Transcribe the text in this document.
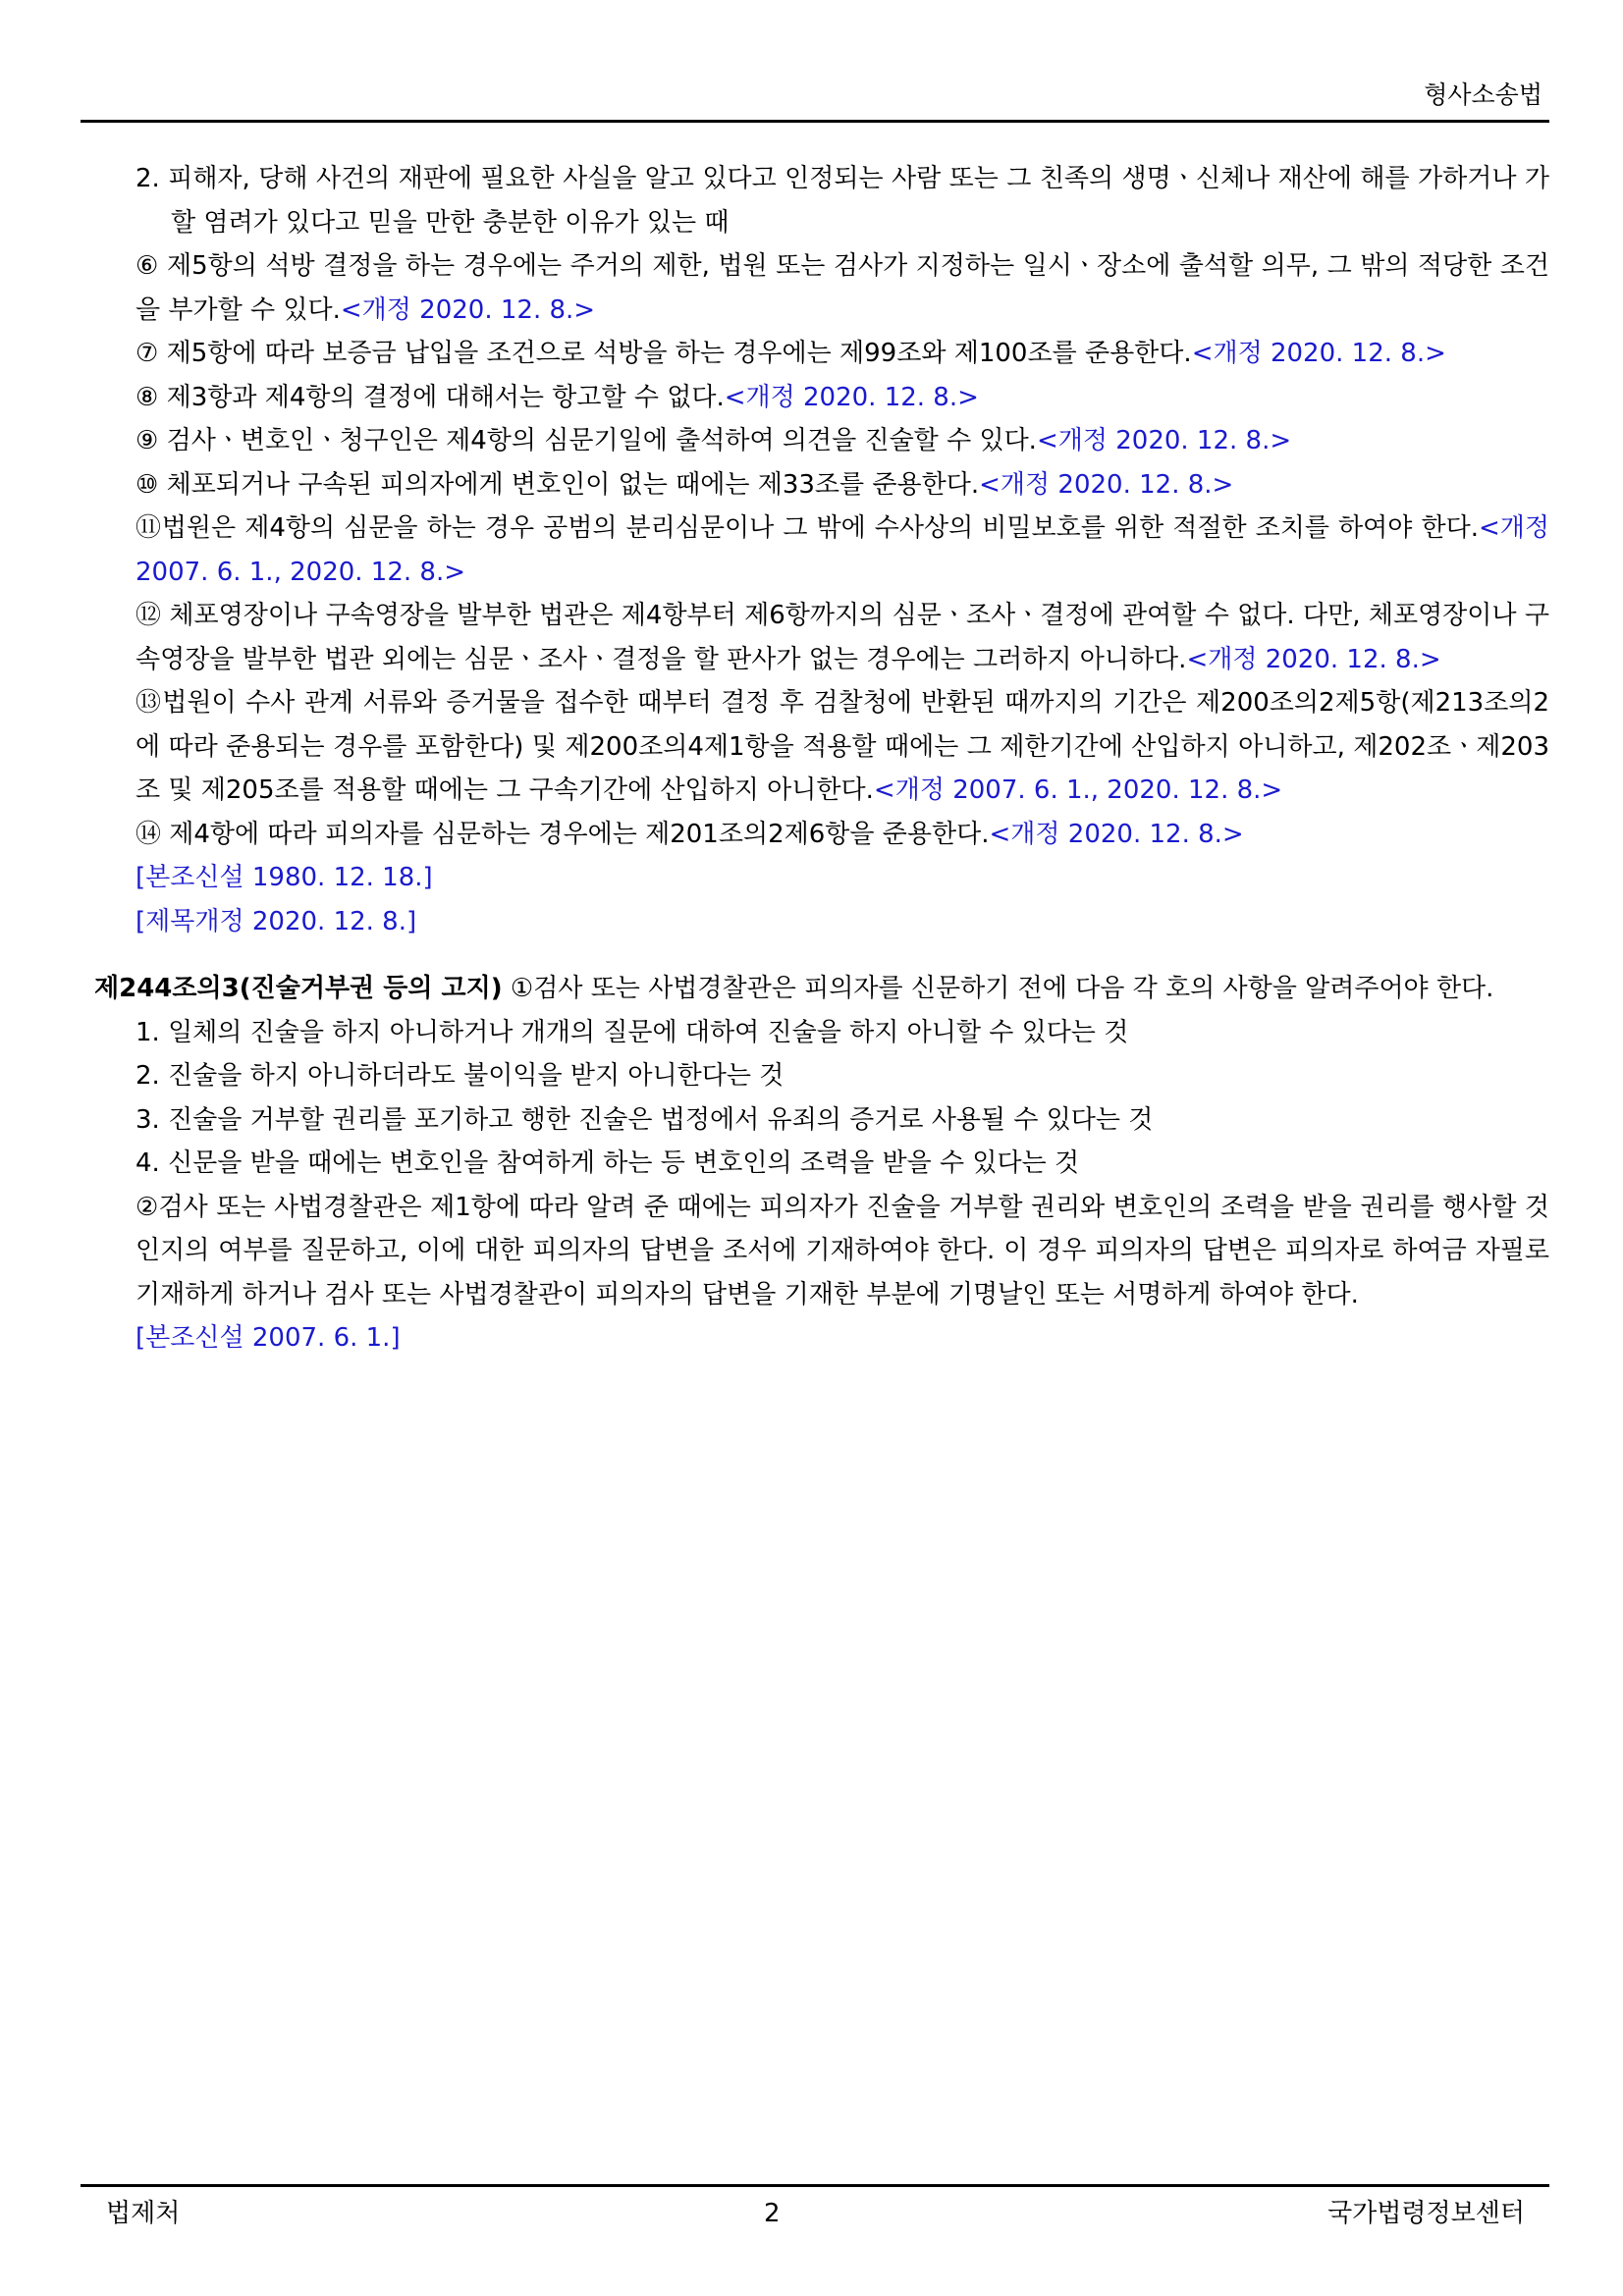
형사소송법

2. 피해자, 당해 사건의 재판에 필요한 사실을 알고 있다고 인정되는 사람 또는 그 친족의 생명ㆍ신체나 재산에 해를 가하거나 가할 염려가 있다고 믿을 만한 충분한 이유가 있는 때

⑥ 제5항의 석방 결정을 하는 경우에는 주거의 제한, 법원 또는 검사가 지정하는 일시ㆍ장소에 출석할 의무, 그 밖의 적당한 조건을 부가할 수 있다.<개정 2020. 12. 8.>

⑦ 제5항에 따라 보증금 납입을 조건으로 석방을 하는 경우에는 제99조와 제100조를 준용한다.<개정 2020. 12. 8.>

⑧ 제3항과 제4항의 결정에 대해서는 항고할 수 없다.<개정 2020. 12. 8.>

⑨ 검사ㆍ변호인ㆍ청구인은 제4항의 심문기일에 출석하여 의견을 진술할 수 있다.<개정 2020. 12. 8.>

⑩ 체포되거나 구속된 피의자에게 변호인이 없는 때에는 제33조를 준용한다.<개정 2020. 12. 8.>

⑪법원은 제4항의 심문을 하는 경우 공범의 분리심문이나 그 밖에 수사상의 비밀보호를 위한 적절한 조치를 하여야 한다.<개정 2007. 6. 1., 2020. 12. 8.>

⑫ 체포영장이나 구속영장을 발부한 법관은 제4항부터 제6항까지의 심문ㆍ조사ㆍ결정에 관여할 수 없다. 다만, 체포영장이나 구속영장을 발부한 법관 외에는 심문ㆍ조사ㆍ결정을 할 판사가 없는 경우에는 그러하지 아니하다.<개정 2020. 12. 8.>

⑬법원이 수사 관계 서류와 증거물을 접수한 때부터 결정 후 검찰청에 반환된 때까지의 기간은 제200조의2제5항(제213조의2에 따라 준용되는 경우를 포함한다) 및 제200조의4제1항을 적용할 때에는 그 제한기간에 산입하지 아니하고, 제202조ㆍ제203조 및 제205조를 적용할 때에는 그 구속기간에 산입하지 아니한다.<개정 2007. 6. 1., 2020. 12. 8.>

⑭ 제4항에 따라 피의자를 심문하는 경우에는 제201조의2제6항을 준용한다.<개정 2020. 12. 8.>

[본조신설 1980. 12. 18.]

[제목개정 2020. 12. 8.]

제244조의3(진술거부권 등의 고지) ①검사 또는 사법경찰관은 피의자를 신문하기 전에 다음 각 호의 사항을 알려주어야 한다.

1. 일체의 진술을 하지 아니하거나 개개의 질문에 대하여 진술을 하지 아니할 수 있다는 것

2. 진술을 하지 아니하더라도 불이익을 받지 아니한다는 것

3. 진술을 거부할 권리를 포기하고 행한 진술은 법정에서 유죄의 증거로 사용될 수 있다는 것

4. 신문을 받을 때에는 변호인을 참여하게 하는 등 변호인의 조력을 받을 수 있다는 것

②검사 또는 사법경찰관은 제1항에 따라 알려 준 때에는 피의자가 진술을 거부할 권리와 변호인의 조력을 받을 권리를 행사할 것인지의 여부를 질문하고, 이에 대한 피의자의 답변을 조서에 기재하여야 한다. 이 경우 피의자의 답변은 피의자로 하여금 자필로 기재하게 하거나 검사 또는 사법경찰관이 피의자의 답변을 기재한 부분에 기명날인 또는 서명하게 하여야 한다.

[본조신설 2007. 6. 1.]

법제처	2	국가법령정보센터
